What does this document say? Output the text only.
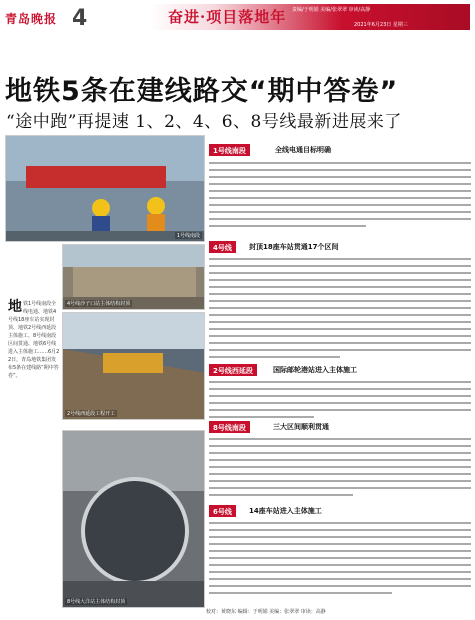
青岛晚报 4	奋进·项目落地年 责编/于明娟 美编/张翠翠 审读/高静
2021年6月23日 星期三
地铁5条在建线路交“期中答卷”
“途中跑”再提速 1、2、4、6、8号线最新进展来了
1号线南段
1号线南段	全线电通目标明确
4号线	封顶18座车站贯通17个区间
2号线西延段	国际邮轮港站进入主体施工
8号线南段	三大区间顺利贯通
6号线	14座车站进入主体施工
4号线沙子口站主体结构封顶
地 铁1号线南段全线电通、地铁4号线18座车站实现封顶、地铁2号线西延段主体施工、8号线南段区间贯通、地铁6号线进入主体施工……6月22日，青岛地铁集团发布5条在建线路“期中答卷”。
2号线西延段工程开工
8号线大洋站主体结构封顶
校对：黄晓东 编辑：于明娟 美编：张翠翠 审读：高静
